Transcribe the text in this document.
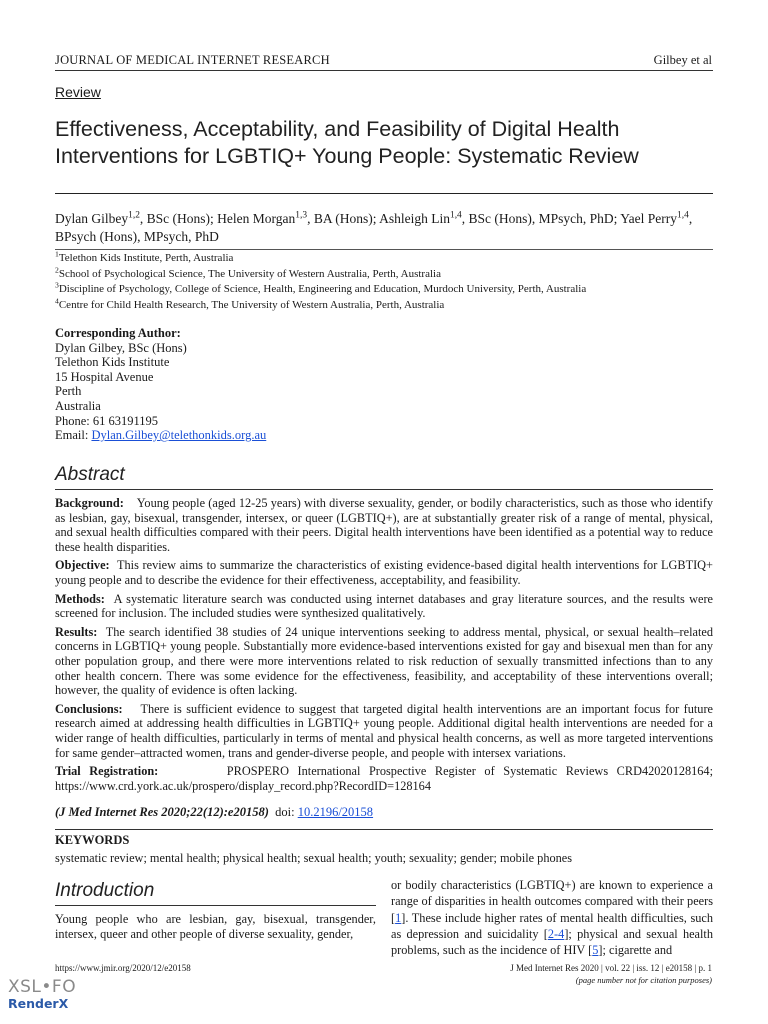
JOURNAL OF MEDICAL INTERNET RESEARCH	Gilbey et al
Review
Effectiveness, Acceptability, and Feasibility of Digital Health Interventions for LGBTIQ+ Young People: Systematic Review
Dylan Gilbey$^{1,2}$, BSc (Hons); Helen Morgan$^{1,3}$, BA (Hons); Ashleigh Lin$^{1,4}$, BSc (Hons), MPsych, PhD; Yael Perry$^{1,4}$, BPsych (Hons), MPsych, PhD
$^1$Telethon Kids Institute, Perth, Australia
$^2$School of Psychological Science, The University of Western Australia, Perth, Australia
$^3$Discipline of Psychology, College of Science, Health, Engineering and Education, Murdoch University, Perth, Australia
$^4$Centre for Child Health Research, The University of Western Australia, Perth, Australia
Corresponding Author:
Dylan Gilbey, BSc (Hons)
Telethon Kids Institute
15 Hospital Avenue
Perth
Australia
Phone: 61 63191195
Email: Dylan.Gilbey@telethonkids.org.au
Abstract

Background: Young people (aged 12-25 years) with diverse sexuality, gender, or bodily characteristics, such as those who identify as lesbian, gay, bisexual, transgender, intersex, or queer (LGBTIQ+), are at substantially greater risk of a range of mental, physical, and sexual health difficulties compared with their peers. Digital health interventions have been identified as a potential way to reduce these health disparities.

Objective: This review aims to summarize the characteristics of existing evidence-based digital health interventions for LGBTIQ+ young people and to describe the evidence for their effectiveness, acceptability, and feasibility.

Methods: A systematic literature search was conducted using internet databases and gray literature sources, and the results were screened for inclusion. The included studies were synthesized qualitatively.

Results: The search identified 38 studies of 24 unique interventions seeking to address mental, physical, or sexual health–related concerns in LGBTIQ+ young people. Substantially more evidence-based interventions existed for gay and bisexual men than for any other population group, and there were more interventions related to risk reduction of sexually transmitted infections than to any other health concern. There was some evidence for the effectiveness, feasibility, and acceptability of these interventions overall; however, the quality of evidence is often lacking.

Conclusions: There is sufficient evidence to suggest that targeted digital health interventions are an important focus for future research aimed at addressing health difficulties in LGBTIQ+ young people. Additional digital health interventions are needed for a wider range of health difficulties, particularly in terms of mental and physical health concerns, as well as more targeted interventions for same gender–attracted women, trans and gender-diverse people, and people with intersex variations.

Trial Registration:	PROSPERO International Prospective Register of Systematic Reviews CRD42020128164; https://www.crd.york.ac.uk/prospero/display_record.php?RecordID=128164

(J Med Internet Res 2020;22(12):e20158) doi: 10.2196/20158
KEYWORDS
systematic review; mental health; physical health; sexual health; youth; sexuality; gender; mobile phones
Introduction
Young people who are lesbian, gay, bisexual, transgender, intersex, queer and other people of diverse sexuality, gender,
or bodily characteristics (LGBTIQ+) are known to experience a range of disparities in health outcomes compared with their peers [1]. These include higher rates of mental health difficulties, such as depression and suicidality [2-4]; physical and sexual health problems, such as the incidence of HIV [5]; cigarette and
https://www.jmir.org/2020/12/e20158	J Med Internet Res 2020 | vol. 22 | iss. 12 | e20158 | p. 1
(page number not for citation purposes)
XSL•FO
RenderX
